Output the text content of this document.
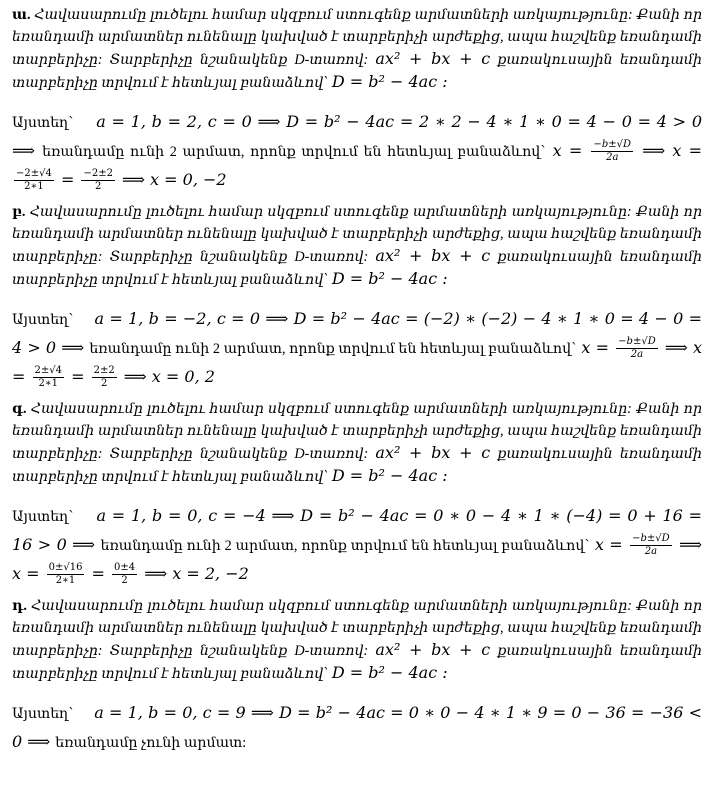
ա. Հավասարումը լուծելու համար սկզբում ստուգենք արմատների առկայությունը: Քանի որ եռանդամի արմատներ ունենալը կախված է տարբերիչի արժեքից, ապա հաշվենք եռանդամի տարբերիչը: Տարբերիչը նշանակենք D-տառով: ax² + bx + c քառակուսային եռանդամի տարբերիչը տրվում է հետևյալ բանաձևով՝ D = b² − 4ac :

Այստեղ՝ a = 1, b = 2, c = 0 ⟹ D = b² − 4ac = 2 ∗ 2 − 4 ∗ 1 ∗ 0 = 4 − 0 = 4 > 0 ⟹ եռանդամը ունի 2 արմատ, որոնք տրվում են հետևյալ բանաձևով՝ $x = \frac{-b\pm√D}{2a}$ ⟹ x =
$\frac{-2\pm√4}{2∗1} = \frac{-2\pm 2}{2}$ ⟹ x = 0, −2

բ. Հավասարումը լուծելու համար սկզբում ստուգենք արմատների առկայությունը: Քանի որ եռանդամի արմատներ ունենալը կախված է տարբերիչի արժեքից, ապա հաշվենք եռանդամի տարբերիչը: Տարբերիչը նշանակենք D-տառով: ax² + bx + c քառակուսային եռանդամի տարբերիչը տրվում է հետևյալ բանաձևով՝ D = b² − 4ac :

Այստեղ՝ a = 1, b = −2, c = 0 ⟹ D = b² − 4ac = (−2) ∗ (−2) − 4 ∗ 1 ∗ 0 = 4 − 0 = 4 > 0 ⟹ եռանդամը ունի 2 արմատ, որոնք տրվում են հետևյալ բանաձևով՝ $x = \frac{-b\pm√D}{2a}$ ⟹ $x = \frac{2\pm√4}{2∗1} = \frac{2\pm 2}{2}$ ⟹ x = 0, 2

գ. Հավասարումը լուծելու համար սկզբում ստուգենք արմատների առկայությունը: Քանի որ եռանդամի արմատներ ունենալը կախված է տարբերիչի արժեքից, ապա հաշվենք եռանդամի տարբերիչը: Տարբերիչը նշանակենք D-տառով: ax² + bx + c քառակուսային եռանդամի տարբերիչը տրվում է հետևյալ բանաձևով՝ D = b² − 4ac :

Այստեղ՝ a = 1, b = 0, c = −4 ⟹ D = b² − 4ac = 0 ∗ 0 − 4 ∗ 1 ∗ (−4) = 0 + 16 = 16 > 0 ⟹ եռանդամը ունի 2 արմատ, որոնք տրվում են հետևյալ բանաձևով՝ $x = \frac{-b\pm√D}{2a}$ ⟹ $x = \frac{0\pm√16}{2∗1} = \frac{0\pm 4}{2}$ ⟹ x = 2, −2

դ. Հավասարումը լուծելու համար սկզբում ստուգենք արմատների առկայությունը: Քանի որ եռանդամի արմատներ ունենալը կախված է տարբերիչի արժեքից, ապա հաշվենք եռանդամի տարբերիչը: Տարբերիչը նշանակենք D-տառով: ax² + bx + c քառակուսային եռանդամի տարբերիչը տրվում է հետևյալ բանաձևով՝ D = b² − 4ac :

Այստեղ՝ a = 1, b = 0, c = 9 ⟹ D = b² − 4ac = 0 ∗ 0 − 4 ∗ 1 ∗ 9 = 0 − 36 = −36 < 0 ⟹ եռանդամը չունի արմատ:
